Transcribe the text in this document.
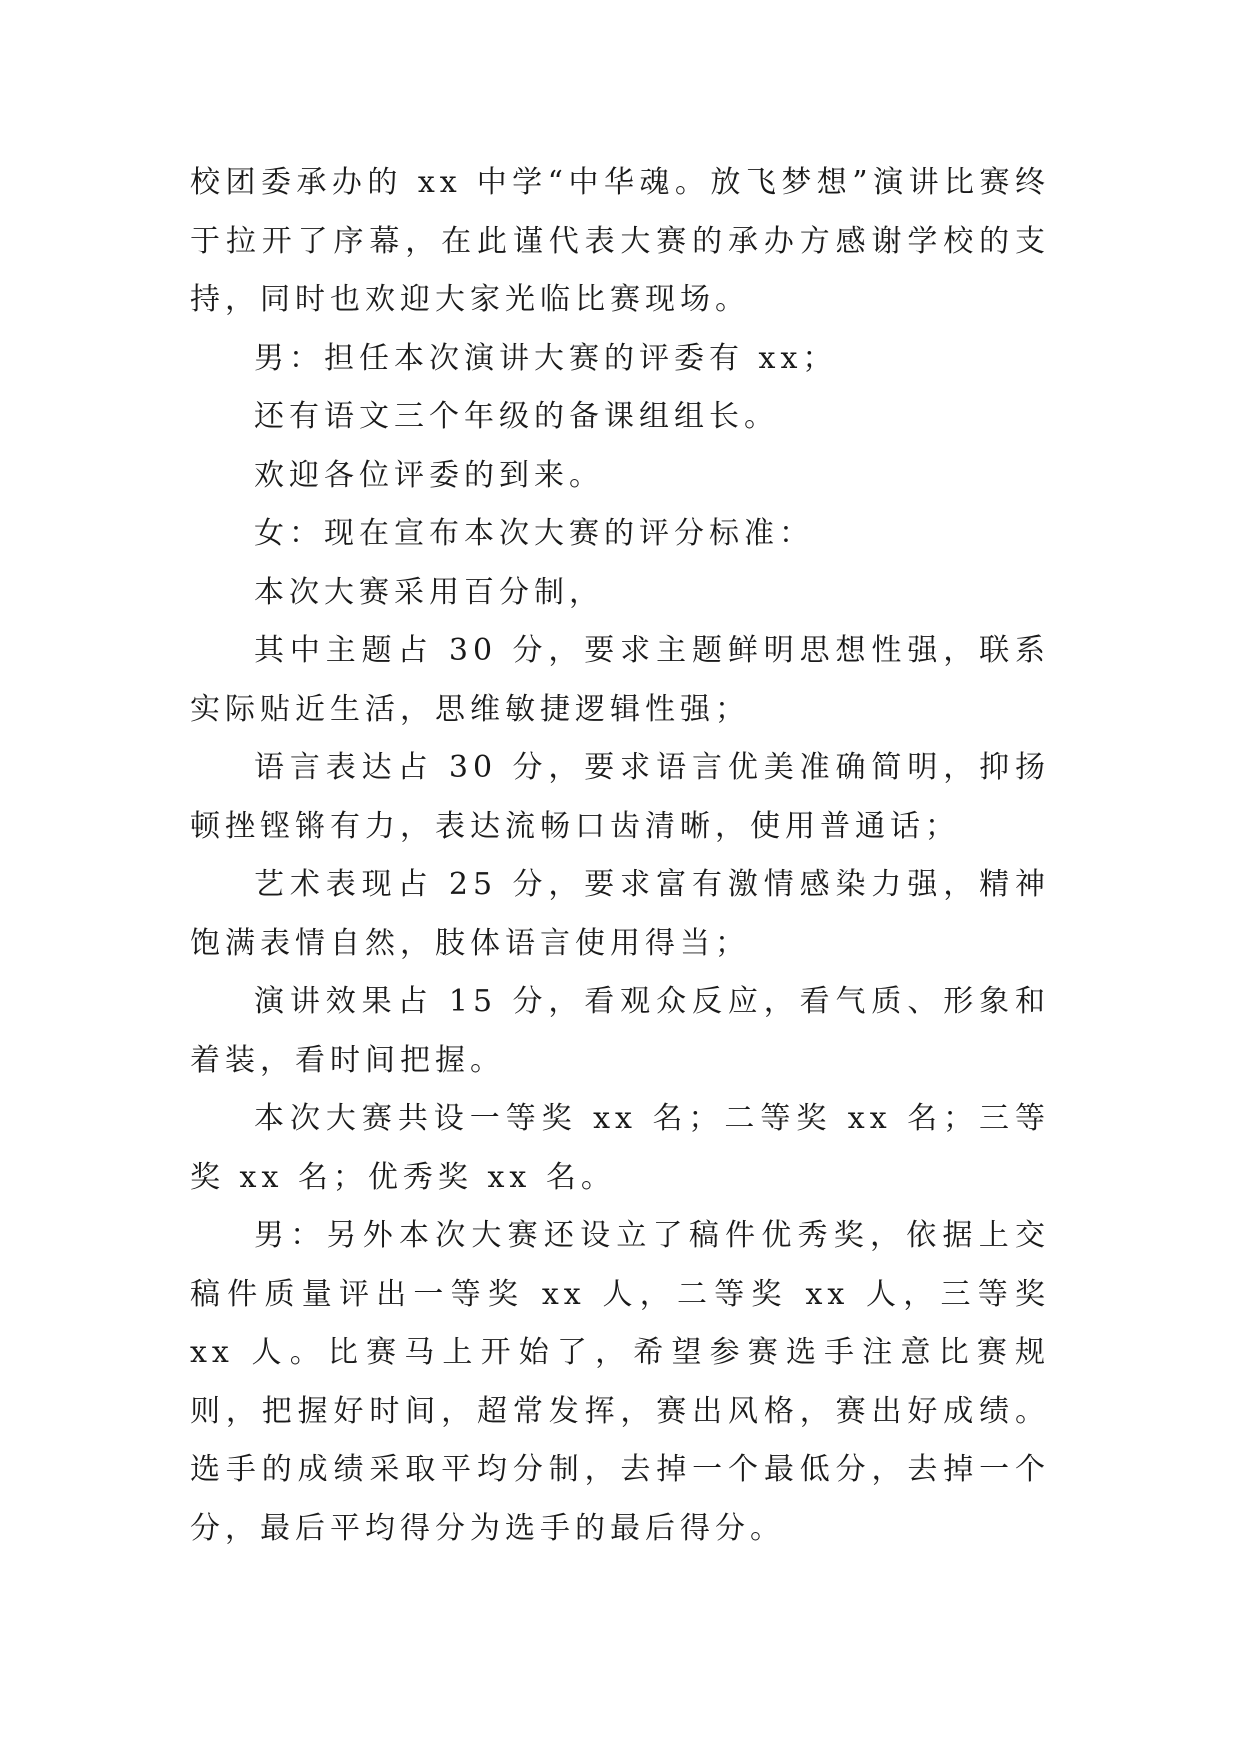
校团委承办的 xx 中学“中华魂。放飞梦想”演讲比赛终于拉开了序幕，在此谨代表大赛的承办方感谢学校的支持，同时也欢迎大家光临比赛现场。

男：担任本次演讲大赛的评委有 xx；

还有语文三个年级的备课组组长。

欢迎各位评委的到来。

女：现在宣布本次大赛的评分标准：

本次大赛采用百分制，

其中主题占 30 分，要求主题鲜明思想性强，联系实际贴近生活，思维敏捷逻辑性强；

语言表达占 30 分，要求语言优美准确简明，抑扬顿挫铿锵有力，表达流畅口齿清晰，使用普通话；

艺术表现占 25 分，要求富有激情感染力强，精神饱满表情自然，肢体语言使用得当；

演讲效果占 15 分，看观众反应，看气质、形象和着装，看时间把握。

本次大赛共设一等奖 xx 名；二等奖 xx 名；三等奖 xx 名；优秀奖 xx 名。

男：另外本次大赛还设立了稿件优秀奖，依据上交稿件质量评出一等奖 xx 人，二等奖 xx 人，三等奖 xx 人。比赛马上开始了，希望参赛选手注意比赛规则，把握好时间，超常发挥，赛出风格，赛出好成绩。选手的成绩采取平均分制，去掉一个最低分，去掉一个分，最后平均得分为选手的最后得分。
